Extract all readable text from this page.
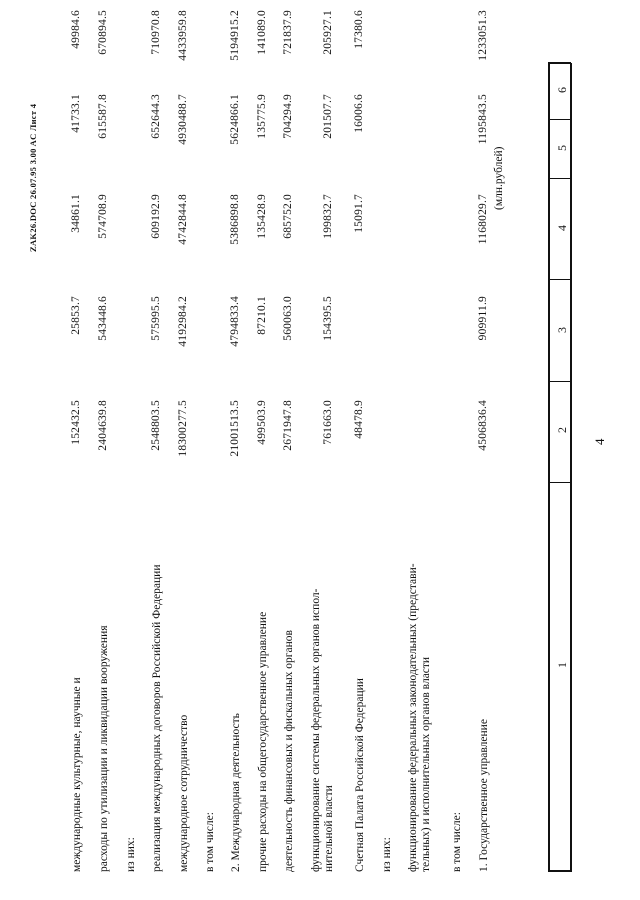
4
1
2
3
4
5
6
(млн.рублей)
1. Государственное управление
4506836.4
909911.9
1168029.7
1195843.5
1233051.3
в том числе:
функционирование федеральных законодательных (представи- тельных) и исполнительных органов власти
из них:
Счетная Палата Российской Федерации
48478.9
15091.7
16006.6
17380.6
функционирование системы федеральных органов испол- нительной власти
761663.0
154395.5
199832.7
201507.7
205927.1
деятельность финансовых и фискальных органов
2671947.8
560063.0
685752.0
704294.9
721837.9
прочие расходы на общегосударственное управление
499503.9
87210.1
135428.9
135775.9
141089.0
2. Международная деятельность
21001513.5
4794833.4
5386898.8
5624866.1
5194915.2
в том числе:
международное сотрудничество
18300277.5
4192984.2
4742844.8
4930488.7
4433959.8
реализация международных договоров Российской Федерации
2548803.5
575995.5
609192.9
652644.3
710970.8
из них:
расходы по утилизации и ликвидации вооружения
2404639.8
543448.6
574708.9
615587.8
670894.5
международные культурные, научные и
152432.5
25853.7
34861.1
41733.1
49984.6
ZAK26.DOC 26.07.95 3.00 AC Лист 4
